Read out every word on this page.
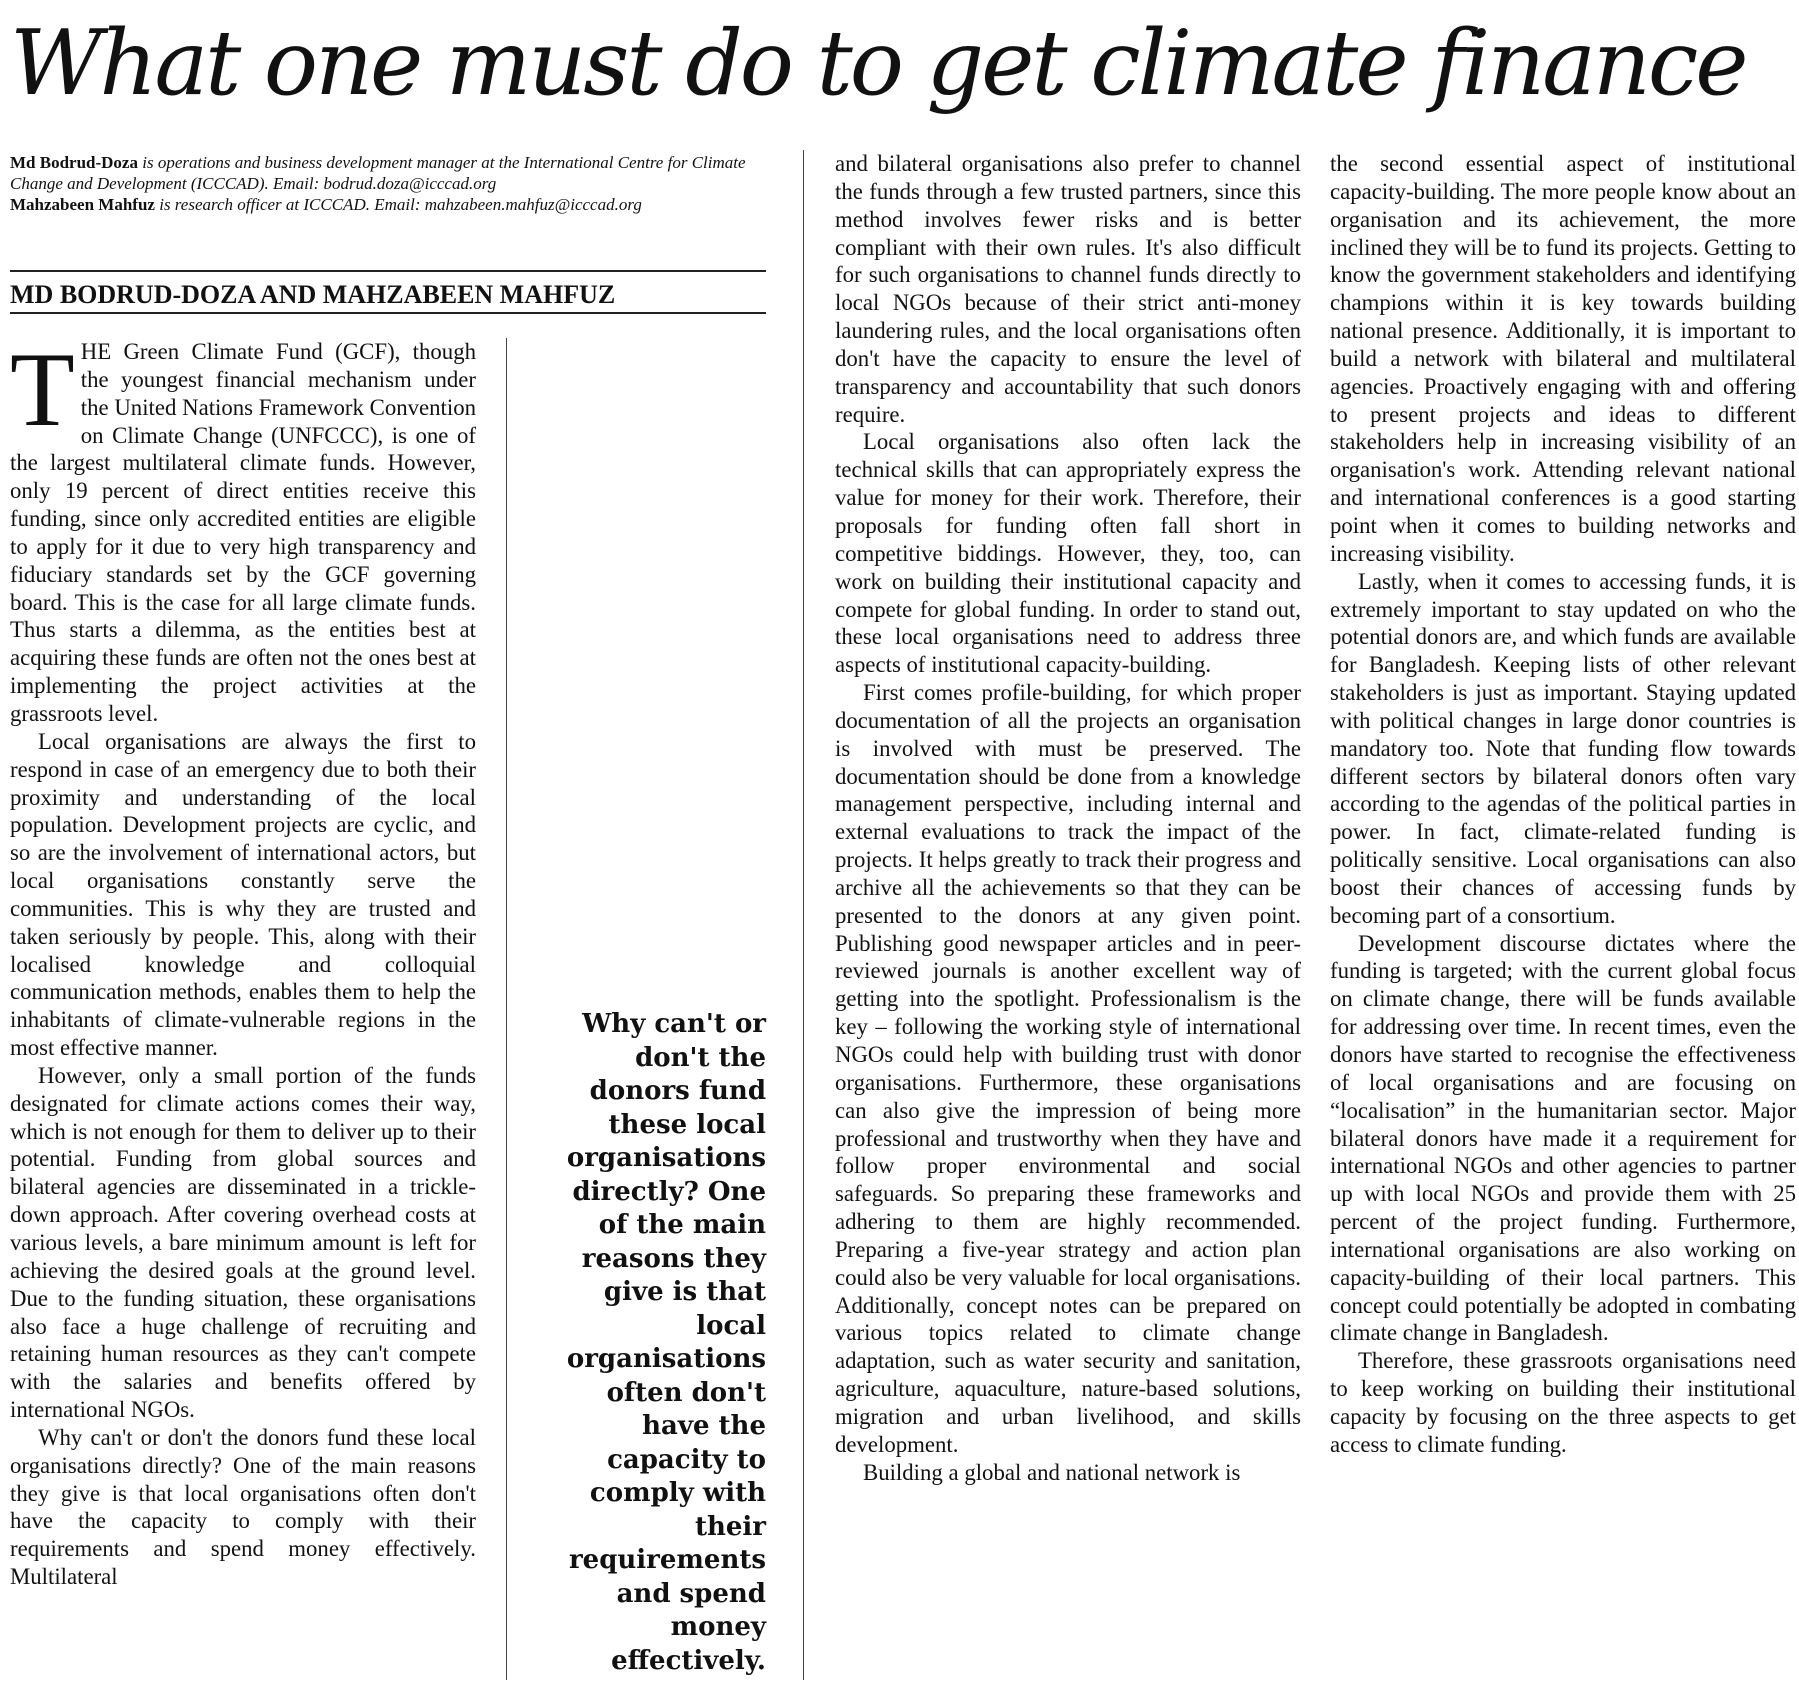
What one must do to get climate finance

Md Bodrud-Doza is operations and business development manager at the International Centre for Climate Change and Development (ICCCAD). Email: bodrud.doza@icccad.org

Mahzabeen Mahfuz is research officer at ICCCAD. Email: mahzabeen.mahfuz@icccad.org

MD BODRUD-DOZA AND MAHZABEEN MAHFUZ

THE Green Climate Fund (GCF), though the youngest financial mechanism under the United Nations Framework Convention on Climate Change (UNFCCC), is one of the largest multilateral climate funds. However, only 19 percent of direct entities receive this funding, since only accredited entities are eligible to apply for it due to very high transparency and fiduciary standards set by the GCF governing board. This is the case for all large climate funds. Thus starts a dilemma, as the entities best at acquiring these funds are often not the ones best at implementing the project activities at the grassroots level.

Local organisations are always the first to respond in case of an emergency due to both their proximity and understanding of the local population. Development projects are cyclic, and so are the involvement of international actors, but local organisations constantly serve the communities. This is why they are trusted and taken seriously by people. This, along with their localised knowledge and colloquial communication methods, enables them to help the inhabitants of climate-vulnerable regions in the most effective manner.

However, only a small portion of the funds designated for climate actions comes their way, which is not enough for them to deliver up to their potential. Funding from global sources and bilateral agencies are disseminated in a trickle-down approach. After covering overhead costs at various levels, a bare minimum amount is left for achieving the desired goals at the ground level. Due to the funding situation, these organisations also face a huge challenge of recruiting and retaining human resources as they can't compete with the salaries and benefits offered by international NGOs.

Why can't or don't the donors fund these local organisations directly? One of the main reasons they give is that local organisations often don't have the capacity to comply with their requirements and spend money effectively. Multilateral

Why can't or don't the donors fund these local organisations directly? One of the main reasons they give is that local organisations often don't have the capacity to comply with their requirements and spend money effectively.

and bilateral organisations also prefer to channel the funds through a few trusted partners, since this method involves fewer risks and is better compliant with their own rules. It's also difficult for such organisations to channel funds directly to local NGOs because of their strict anti-money laundering rules, and the local organisations often don't have the capacity to ensure the level of transparency and accountability that such donors require.

Local organisations also often lack the technical skills that can appropriately express the value for money for their work. Therefore, their proposals for funding often fall short in competitive biddings. However, they, too, can work on building their institutional capacity and compete for global funding. In order to stand out, these local organisations need to address three aspects of institutional capacity-building.

First comes profile-building, for which proper documentation of all the projects an organisation is involved with must be preserved. The documentation should be done from a knowledge management perspective, including internal and external evaluations to track the impact of the projects. It helps greatly to track their progress and archive all the achievements so that they can be presented to the donors at any given point. Publishing good newspaper articles and in peer-reviewed journals is another excellent way of getting into the spotlight. Professionalism is the key – following the working style of international NGOs could help with building trust with donor organisations. Furthermore, these organisations can also give the impression of being more professional and trustworthy when they have and follow proper environmental and social safeguards. So preparing these frameworks and adhering to them are highly recommended. Preparing a five-year strategy and action plan could also be very valuable for local organisations. Additionally, concept notes can be prepared on various topics related to climate change adaptation, such as water security and sanitation, agriculture, aquaculture, nature-based solutions, migration and urban livelihood, and skills development.

Building a global and national network is

the second essential aspect of institutional capacity-building. The more people know about an organisation and its achievement, the more inclined they will be to fund its projects. Getting to know the government stakeholders and identifying champions within it is key towards building national presence. Additionally, it is important to build a network with bilateral and multilateral agencies. Proactively engaging with and offering to present projects and ideas to different stakeholders help in increasing visibility of an organisation's work. Attending relevant national and international conferences is a good starting point when it comes to building networks and increasing visibility.

Lastly, when it comes to accessing funds, it is extremely important to stay updated on who the potential donors are, and which funds are available for Bangladesh. Keeping lists of other relevant stakeholders is just as important. Staying updated with political changes in large donor countries is mandatory too. Note that funding flow towards different sectors by bilateral donors often vary according to the agendas of the political parties in power. In fact, climate-related funding is politically sensitive. Local organisations can also boost their chances of accessing funds by becoming part of a consortium.

Development discourse dictates where the funding is targeted; with the current global focus on climate change, there will be funds available for addressing over time. In recent times, even the donors have started to recognise the effectiveness of local organisations and are focusing on “localisation” in the humanitarian sector. Major bilateral donors have made it a requirement for international NGOs and other agencies to partner up with local NGOs and provide them with 25 percent of the project funding. Furthermore, international organisations are also working on capacity-building of their local partners. This concept could potentially be adopted in combating climate change in Bangladesh.

Therefore, these grassroots organisations need to keep working on building their institutional capacity by focusing on the three aspects to get access to climate funding.
